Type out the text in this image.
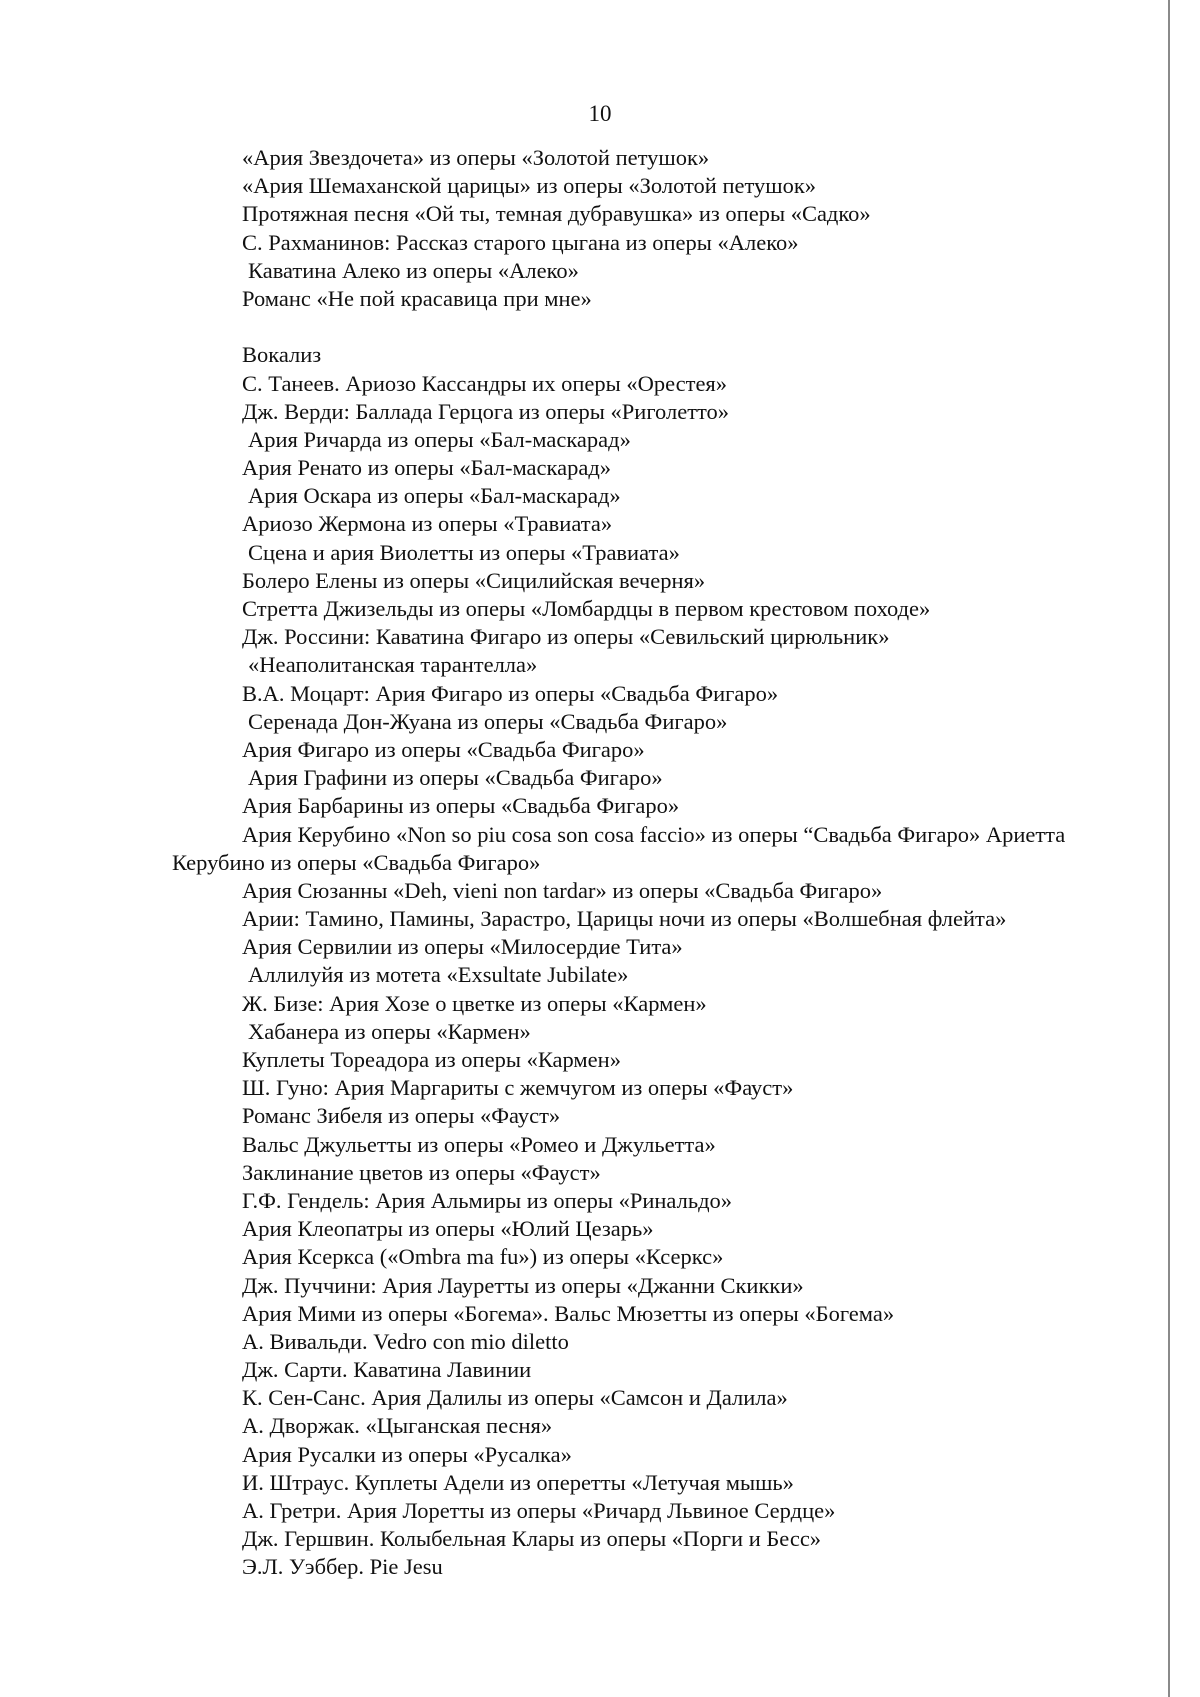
10
«Ария Звездочета» из оперы «Золотой петушок»
«Ария Шемаханской царицы» из оперы «Золотой петушок»
Протяжная песня «Ой ты, темная дубравушка» из оперы «Садко»
С. Рахманинов: Рассказ старого цыгана из оперы «Алеко»
Каватина Алеко из оперы «Алеко»
Романс «Не пой красавица при мне»
Вокализ
С. Танеев. Ариозо Кассандры их оперы «Орестея»
Дж. Верди: Баллада Герцога из оперы «Риголетто»
Ария Ричарда из оперы «Бал-маскарад»
Ария Ренато из оперы «Бал-маскарад»
Ария Оскара из оперы «Бал-маскарад»
Ариозо Жермона из оперы «Травиата»
Сцена и ария Виолетты из оперы «Травиата»
Болеро Елены из оперы «Сицилийская вечерня»
Стретта Джизельды из оперы «Ломбардцы в первом крестовом походе»
Дж. Россини: Каватина Фигаро из оперы «Севильский цирюльник»
«Неаполитанская тарантелла»
В.А. Моцарт: Ария Фигаро из оперы «Свадьба Фигаро»
Серенада Дон-Жуана из оперы «Свадьба Фигаро»
Ария Фигаро из оперы «Свадьба Фигаро»
Ария Графини из оперы «Свадьба Фигаро»
Ария Барбарины из оперы «Свадьба Фигаро»
Ария Керубино «Non so piu cosa son cosa faccio» из оперы “Свадьба Фигаро» Ариетта
Керубино из оперы «Свадьба Фигаро»
Ария Сюзанны «Deh, vieni non tardar» из оперы «Свадьба Фигаро»
Арии: Тамино, Памины, Зарастро, Царицы ночи из оперы «Волшебная флейта»
Ария Сервилии из оперы «Милосердие Тита»
Аллилуйя из мотета «Exsultate Jubilate»
Ж. Бизе: Ария Хозе о цветке из оперы «Кармен»
Хабанера из оперы «Кармен»
Куплеты Тореадора из оперы «Кармен»
Ш. Гуно: Ария Маргариты с жемчугом из оперы «Фауст»
Романс Зибеля из оперы «Фауст»
Вальс Джульетты из оперы «Ромео и Джульетта»
Заклинание цветов из оперы «Фауст»
Г.Ф. Гендель: Ария Альмиры из оперы «Ринальдо»
Ария Клеопатры из оперы «Юлий Цезарь»
Ария Ксеркса («Ombra ma fu») из оперы «Ксеркс»
Дж. Пуччини: Ария Лауретты из оперы «Джанни Скикки»
Ария Мими из оперы «Богема». Вальс Мюзетты из оперы «Богема»
А. Вивальди. Vedro con mio diletto
Дж. Сарти. Каватина Лавинии
К. Сен-Санс. Ария Далилы из оперы «Самсон и Далила»
А. Дворжак. «Цыганская песня»
Ария Русалки из оперы «Русалка»
И. Штраус. Куплеты Адели из оперетты «Летучая мышь»
А. Гретри. Ария Лоретты из оперы «Ричард Львиное Сердце»
Дж. Гершвин. Колыбельная Клары из оперы «Порги и Бесс»
Э.Л. Уэббер. Pie Jesu
